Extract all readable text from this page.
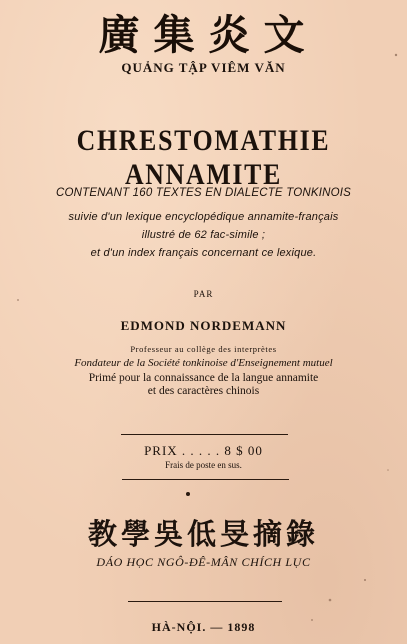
廣集炎文
QUẢNG TẬP VIÊM VĂN
CHRESTOMATHIE ANNAMITE
CONTENANT 160 TEXTES EN DIALECTE TONKINOIS
suivie d'un lexique encyclopédique annamite-français
illustré de 62 fac-simile ;
et d'un index français concernant ce lexique.
PAR
EDMOND NORDEMANN
Professeur au collège des interprètes
Fondateur de la Société tonkinoise d'Enseignement mutuel
Primé pour la connaissance de la langue annamite
et des caractères chinois
PRIX . . . . . 8 $ 00
Frais de poste en sus.
教學吳低旻摘錄
DÁO HỌC NGÔ-ĐÊ-MÂN CHÍCH LỤC
HÀ-NỘI. — 1898
